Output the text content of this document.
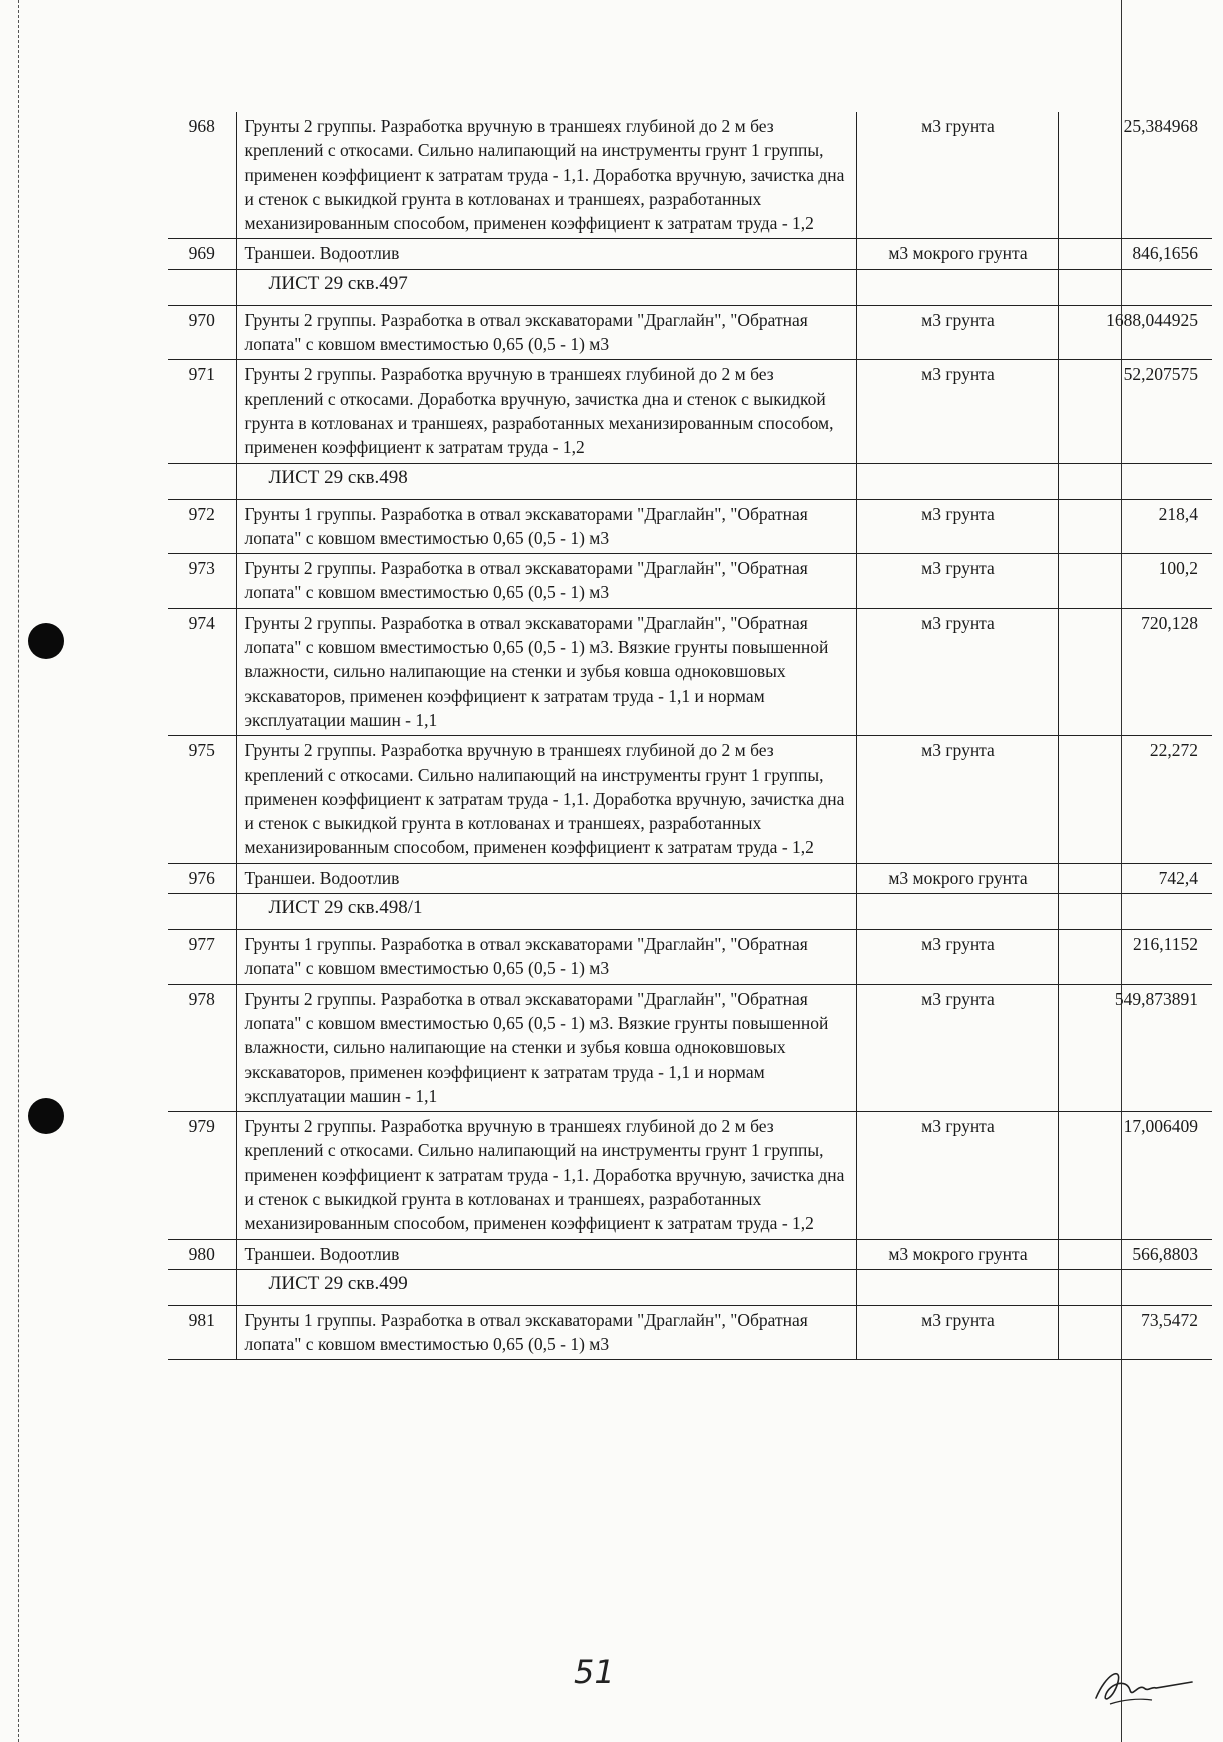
968	Грунты 2 группы. Разработка вручную в траншеях глубиной до 2 м без креплений с откосами. Сильно налипающий на инструменты грунт 1 группы, применен коэффициент к затратам труда - 1,1. Доработка вручную, зачистка дна и стенок с выкидкой грунта в котлованах и траншеях, разработанных механизированным способом, применен коэффициент к затратам труда - 1,2	м3 грунта	25,384968
969	Траншеи. Водоотлив	м3 мокрого грунта	846,1656
	ЛИСТ 29 скв.497		
970	Грунты 2 группы. Разработка в отвал экскаваторами "Драглайн", "Обратная лопата" с ковшом вместимостью 0,65 (0,5 - 1) м3	м3 грунта	1688,044925
971	Грунты 2 группы. Разработка вручную в траншеях глубиной до 2 м без креплений с откосами. Доработка вручную, зачистка дна и стенок с выкидкой грунта в котлованах и траншеях, разработанных механизированным способом, применен коэффициент к затратам труда - 1,2	м3 грунта	52,207575
	ЛИСТ 29 скв.498		
972	Грунты 1 группы. Разработка в отвал экскаваторами "Драглайн", "Обратная лопата" с ковшом вместимостью 0,65 (0,5 - 1) м3	м3 грунта	218,4
973	Грунты 2 группы. Разработка в отвал экскаваторами "Драглайн", "Обратная лопата" с ковшом вместимостью 0,65 (0,5 - 1) м3	м3 грунта	100,2
974	Грунты 2 группы. Разработка в отвал экскаваторами "Драглайн", "Обратная лопата" с ковшом вместимостью 0,65 (0,5 - 1) м3. Вязкие грунты повышенной влажности, сильно налипающие на стенки и зубья ковша одноковшовых экскаваторов, применен коэффициент к затратам труда - 1,1 и нормам эксплуатации машин - 1,1	м3 грунта	720,128
975	Грунты 2 группы. Разработка вручную в траншеях глубиной до 2 м без креплений с откосами. Сильно налипающий на инструменты грунт 1 группы, применен коэффициент к затратам труда - 1,1. Доработка вручную, зачистка дна и стенок с выкидкой грунта в котлованах и траншеях, разработанных механизированным способом, применен коэффициент к затратам труда - 1,2	м3 грунта	22,272
976	Траншеи. Водоотлив	м3 мокрого грунта	742,4
	ЛИСТ 29 скв.498/1		
977	Грунты 1 группы. Разработка в отвал экскаваторами "Драглайн", "Обратная лопата" с ковшом вместимостью 0,65 (0,5 - 1) м3	м3 грунта	216,1152
978	Грунты 2 группы. Разработка в отвал экскаваторами "Драглайн", "Обратная лопата" с ковшом вместимостью 0,65 (0,5 - 1) м3. Вязкие грунты повышенной влажности, сильно налипающие на стенки и зубья ковша одноковшовых экскаваторов, применен коэффициент к затратам труда - 1,1 и нормам эксплуатации машин - 1,1	м3 грунта	549,873891
979	Грунты 2 группы. Разработка вручную в траншеях глубиной до 2 м без креплений с откосами. Сильно налипающий на инструменты грунт 1 группы, применен коэффициент к затратам труда - 1,1. Доработка вручную, зачистка дна и стенок с выкидкой грунта в котлованах и траншеях, разработанных механизированным способом, применен коэффициент к затратам труда - 1,2	м3 грунта	17,006409
980	Траншеи. Водоотлив	м3 мокрого грунта	566,8803
	ЛИСТ 29 скв.499		
981	Грунты 1 группы. Разработка в отвал экскаваторами "Драглайн", "Обратная лопата" с ковшом вместимостью 0,65 (0,5 - 1) м3	м3 грунта	73,5472
51
